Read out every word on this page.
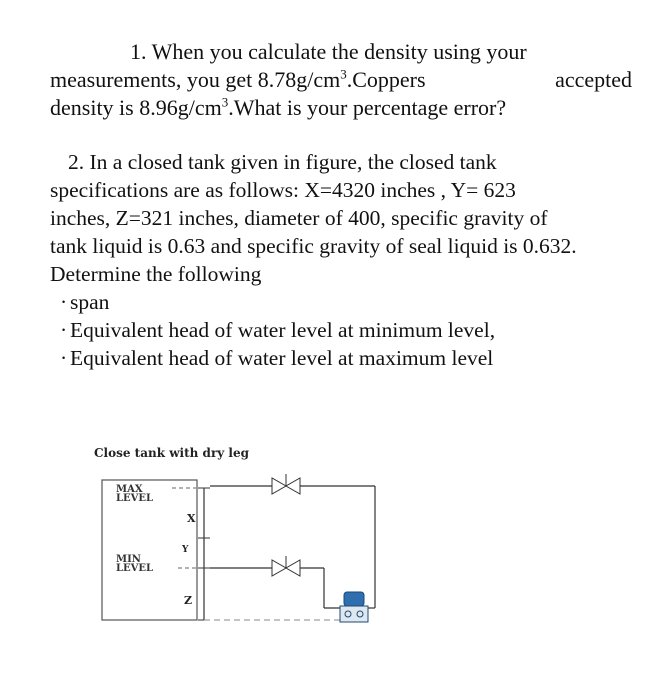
1. When you calculate the density using your
measurements, you get $8.78g/cm^3.Coppers$	accepted
density is $8.96g/cm^3.What$ is your percentage error?
2. In a closed tank given in figure, the closed tank
specifications are as follows: X=4320 inches , Y= 623
inches, Z=321 inches, diameter of 400, specific gravity of
tank liquid is 0.63 and specific gravity of seal liquid is 0.632.
Determine the following
· span
· Equivalent head of water level at minimum level,
· Equivalent head of water level at maximum level
Close tank with dry leg
MAX
LEVEL
MIN
LEVEL
X
Y
Z
